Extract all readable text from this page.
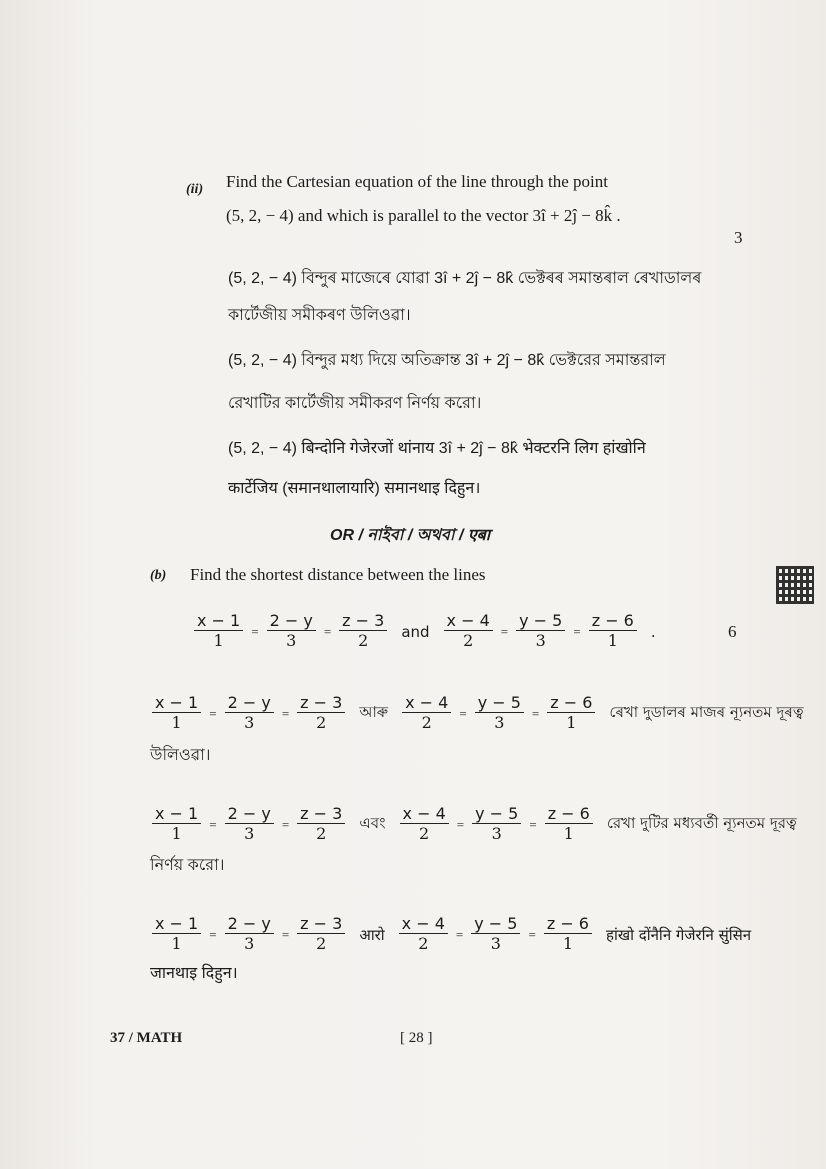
(ii) Find the Cartesian equation of the line through the point
(5, 2, − 4) and which is parallel to the vector 3î + 2ĵ − 8k̂ .
3
(5, 2, − 4) বিন্দুৰ মাজেৰে যোৱা 3î + 2ĵ − 8k̂ ভেক্টৰৰ সমান্তৰাল ৰেখাডালৰ
কাৰ্টেজীয় সমীকৰণ উলিওৱা।
(5, 2, − 4) বিন্দুর মধ্য দিয়ে অতিক্রান্ত 3î + 2ĵ − 8k̂ ভেক্টরের সমান্তরাল
রেখাটির কার্টেজীয় সমীকরণ নির্ণয় করো।
(5, 2, − 4) बिन्दोनि गेजेरजों थांनाय 3î + 2ĵ − 8k̂ भेक्टरनि लिग हांखोनि
कार्टेजिय (समानथालायारि) समानथाइ दिहुन।
OR / নাইবা / অথবা / एबा
(b) Find the shortest distance between the lines
6
$\frac{x - 1}{1} = \frac{2 - y}{3} = \frac{z - 3}{2}$ and $\frac{x - 4}{2} = \frac{y - 5}{3} = \frac{z - 6}{1}$ .
$\frac{x - 1}{1} = \frac{2 - y}{3} = \frac{z - 3}{2}$ আৰু $\frac{x - 4}{2} = \frac{y - 5}{3} = \frac{z - 6}{1}$ ৰেখা দুডালৰ মাজৰ ন্যূনতম দূৰত্ব
উলিওৱা।
$\frac{x - 1}{1} = \frac{2 - y}{3} = \frac{z - 3}{2}$ এবং $\frac{x - 4}{2} = \frac{y - 5}{3} = \frac{z - 6}{1}$ রেখা দুটির মধ্যবর্তী ন্যূনতম দূরত্ব
নির্ণয় করো।
$\frac{x - 1}{1} = \frac{2 - y}{3} = \frac{z - 3}{2}$ आरो $\frac{x - 4}{2} = \frac{y - 5}{3} = \frac{z - 6}{1}$ हांखो दोंनैनि गेजेरनि सुंसिन
जानथाइ दिहुन।
37 / MATH	[ 28 ]
